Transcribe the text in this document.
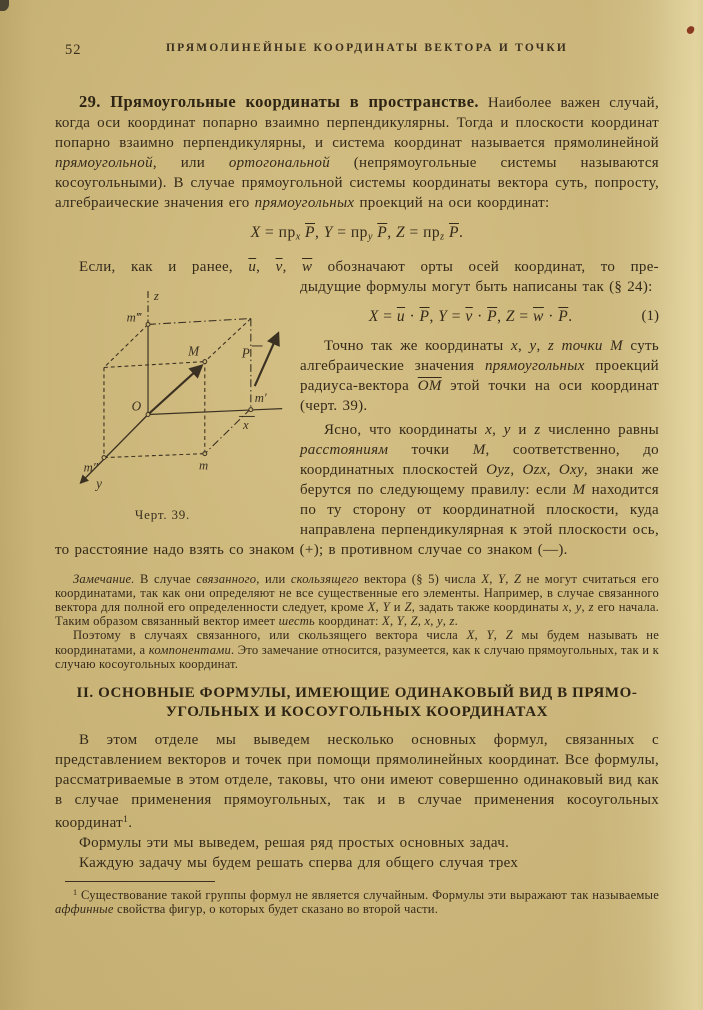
52	ПРЯМОЛИНЕЙНЫЕ КООРДИНАТЫ ВЕКТОРА И ТОЧКИ

29. Прямоугольные координаты в пространстве. Наиболее важен случай, когда оси координат попарно взаимно перпендикулярны. Тогда и плоскости координат попарно взаимно перпендикулярны, и система координат называется прямолинейной прямоугольной, или ортогональной (непрямоугольные системы называются косоугольными). В случае прямоугольной системы координаты вектора суть, попросту, алгебраические значения его прямоугольных проекций на оси координат:

X = прx $\overline{P}$, Y = прy $\overline{P}$, Z = прz $\overline{P}$.

Если, как и ранее, $\overline{u}$, $\overline{v}$, $\overline{w}$ обозначают орты осей координат, то пре-

z
m‴
M	P
O
m′
x
m″	m
y
Черт. 39.

дыдущие формулы могут быть написаны так (§ 24):

(1)
$X = \overline{u} \cdot \overline{P}$, $Y = \overline{v} \cdot \overline{P}$, $Z = \overline{w} \cdot \overline{P}$.

Точно так же координаты x, y, z точки M суть алгебраические значения прямоугольных проекций радиуса-вектора $\overline{OM}$ этой точки на оси координат (черт. 39).

Ясно, что координаты x, y и z численно равны расстояниям точки M, соответственно, до координатных плоскостей Oyz, Ozx, Oxy, знаки же берутся по следующему правилу: если M находится по ту сторону от координатной плоскости, куда направлена перпендикулярная к этой плоскости ось, то расстояние надо взять со знаком (+); в противном случае со знаком (—).

Замечание. В случае связанного, или скользящего вектора (§ 5) числа X, Y, Z не могут считаться его координатами, так как они определяют не все существенные его элементы. Например, в случае связанного вектора для полной его определенности следует, кроме X, Y и Z, задать также координаты x, y, z его начала. Таким образом связанный вектор имеет шесть координат: X, Y, Z, x, y, z.

Поэтому в случаях связанного, или скользящего вектора числа X, Y, Z мы будем называть не координатами, а компонентами. Это замечание относится, разумеется, как к случаю прямоугольных, так и к случаю косоугольных координат.

II. ОСНОВНЫЕ ФОРМУЛЫ, ИМЕЮЩИЕ ОДИНАКОВЫЙ ВИД В ПРЯМО-
УГОЛЬНЫХ И КОСОУГОЛЬНЫХ КООРДИНАТАХ

В этом отделе мы выведем несколько основных формул, связанных с представлением векторов и точек при помощи прямолинейных координат. Все формулы, рассматриваемые в этом отделе, таковы, что они имеют совершенно одинаковый вид как в случае применения прямоугольных, так и в случае применения косоугольных координат$^1$.

Формулы эти мы выведем, решая ряд простых основных задач.

Каждую задачу мы будем решать сперва для общего случая трех

$^1$ Существование такой группы формул не является случайным. Формулы эти выражают так называемые аффинные свойства фигур, о которых будет сказано во второй части.
